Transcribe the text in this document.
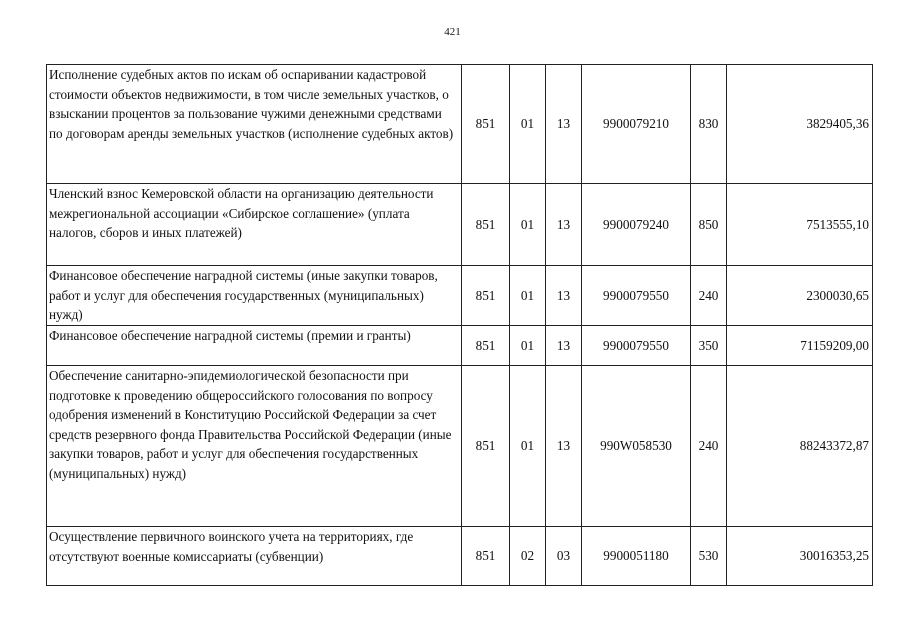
421
Исполнение судебных актов по искам об оспаривании кадастровой стоимости объектов недвижимости, в том числе земельных участков, о взыскании процентов за пользование чужими денежными средствами по договорам аренды земельных участков (исполнение судебных актов)	851	01	13	9900079210	830	3829405,36
Членский взнос Кемеровской области на организацию деятельности межрегиональной ассоциации «Сибирское соглашение» (уплата налогов, сборов и иных платежей)	851	01	13	9900079240	850	7513555,10
Финансовое обеспечение наградной системы (иные закупки товаров, работ и услуг для обеспечения государственных (муниципальных) нужд)	851	01	13	9900079550	240	2300030,65
Финансовое обеспечение наградной системы (премии и гранты)	851	01	13	9900079550	350	71159209,00
Обеспечение санитарно-эпидемиологической безопасности при подготовке к проведению общероссийского голосования по вопросу одобрения изменений в Конституцию Российской Федерации за счет средств резервного фонда Правительства Российской Федерации (иные закупки товаров, работ и услуг для обеспечения государственных (муниципальных) нужд)	851	01	13	990W058530	240	88243372,87
Осуществление первичного воинского учета на территориях, где отсутствуют военные комиссариаты (субвенции)	851	02	03	9900051180	530	30016353,25
